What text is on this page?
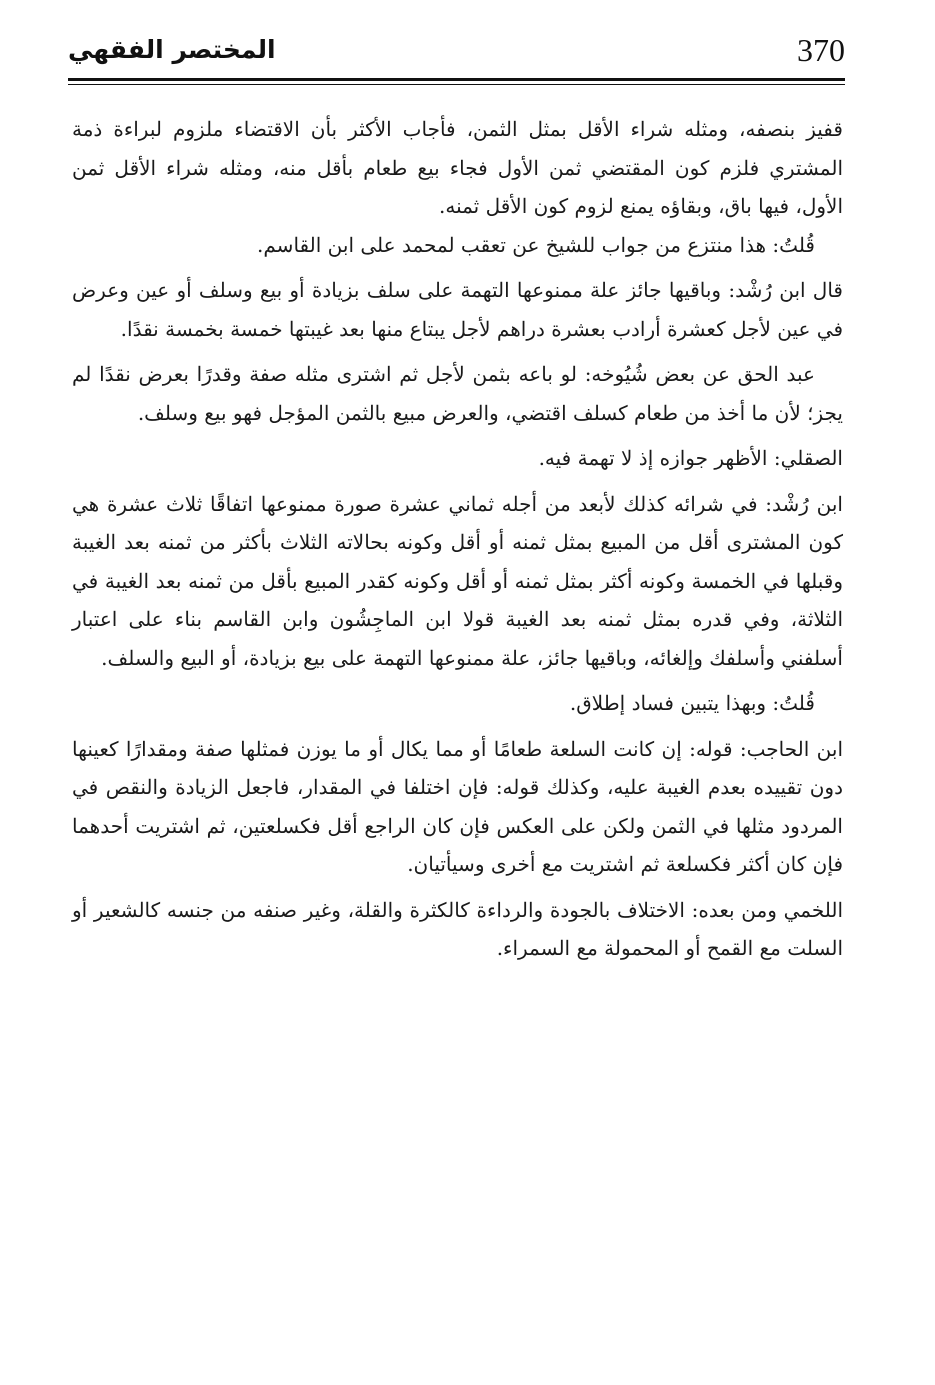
370
المختصر الفقهي

قفيز بنصفه، ومثله شراء الأقل بمثل الثمن، فأجاب الأكثر بأن الاقتضاء ملزوم لبراءة ذمة المشتري فلزم كون المقتضي ثمن الأول فجاء بيع طعام بأقل منه، ومثله شراء الأقل ثمن الأول، فيها باق، وبقاؤه يمنع لزوم كون الأقل ثمنه.

قُلتُ: هذا منتزع من جواب للشيخ عن تعقب لمحمد على ابن القاسم.

قال ابن رُشْد: وباقيها جائز علة ممنوعها التهمة على سلف بزيادة أو بيع وسلف أو عين وعرض في عين لأجل كعشرة أرادب بعشرة دراهم لأجل يبتاع منها بعد غيبتها خمسة بخمسة نقدًا.

عبد الحق عن بعض شُيُوخه: لو باعه بثمن لأجل ثم اشترى مثله صفة وقدرًا بعرض نقدًا لم يجز؛ لأن ما أخذ من طعام كسلف اقتضي، والعرض مبيع بالثمن المؤجل فهو بيع وسلف.

الصقلي: الأظهر جوازه إذ لا تهمة فيه.

ابن رُشْد: في شرائه كذلك لأبعد من أجله ثماني عشرة صورة ممنوعها اتفاقًا ثلاث عشرة هي كون المشترى أقل من المبيع بمثل ثمنه أو أقل وكونه بحالاته الثلاث بأكثر من ثمنه بعد الغيبة وقبلها في الخمسة وكونه أكثر بمثل ثمنه أو أقل وكونه كقدر المبيع بأقل من ثمنه بعد الغيبة في الثلاثة، وفي قدره بمثل ثمنه بعد الغيبة قولا ابن الماجِشُون وابن القاسم بناء على اعتبار أسلفني وأسلفك وإلغائه، وباقيها جائز، علة ممنوعها التهمة على بيع بزيادة، أو البيع والسلف.

قُلتُ: وبهذا يتبين فساد إطلاق.

ابن الحاجب: قوله: إن كانت السلعة طعامًا أو مما يكال أو ما يوزن فمثلها صفة ومقدارًا كعينها دون تقييده بعدم الغيبة عليه، وكذلك قوله: فإن اختلفا في المقدار، فاجعل الزيادة والنقص في المردود مثلها في الثمن ولكن على العكس فإن كان الراجع أقل فكسلعتين، ثم اشتريت أحدهما فإن كان أكثر فكسلعة ثم اشتريت مع أخرى وسيأتيان.

اللخمي ومن بعده: الاختلاف بالجودة والرداءة كالكثرة والقلة، وغير صنفه من جنسه كالشعير أو السلت مع القمح أو المحمولة مع السمراء.
